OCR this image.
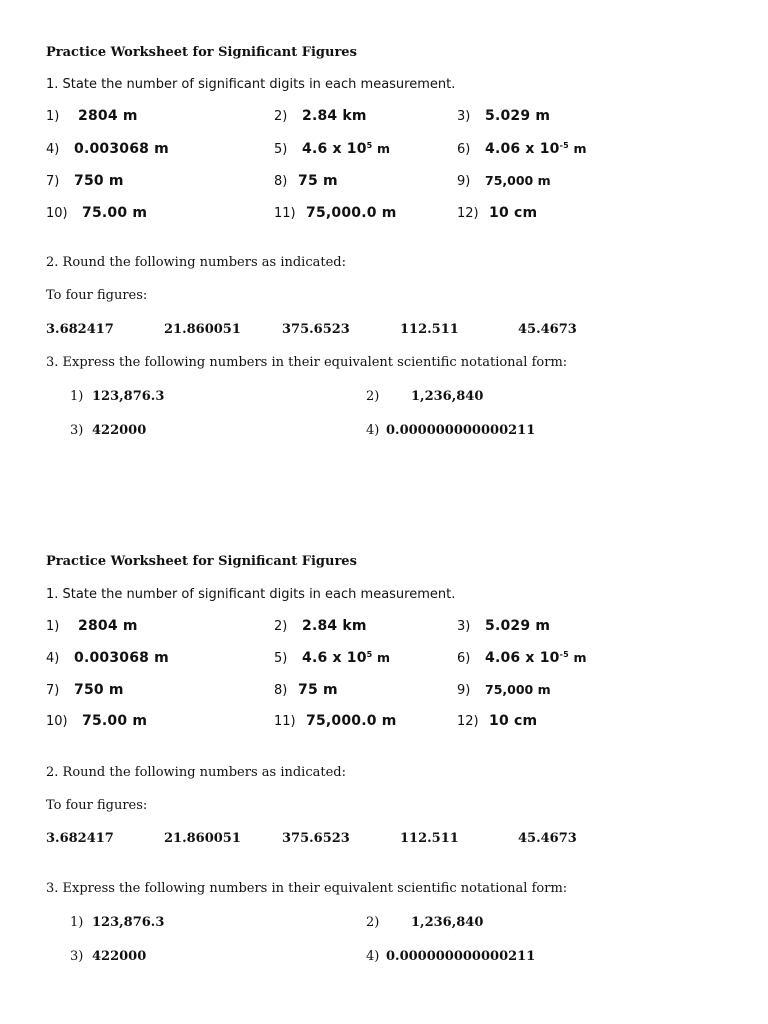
Practice Worksheet for Significant Figures
1. State the number of significant digits in each measurement.
1) 2804 m	2) 2.84 km	3) 5.029 m
4) 0.003068 m	5) 4.6 x $10^5$ m	6) 4.06 x $10^{-5}$ m
7) 750 m	8) 75 m	9) 75,000 m
10) 75.00 m	11) 75,000.0 m	12) 10 cm
2. Round the following numbers as indicated:
To four figures:
3.682417	21.860051	375.6523	112.511	45.4673
3. Express the following numbers in their equivalent scientific notational form:
1) 123,876.3	2) 1,236,840
3) 422000	4) 0.000000000000211
Practice Worksheet for Significant Figures
1. State the number of significant digits in each measurement.
1) 2804 m	2) 2.84 km	3) 5.029 m
4) 0.003068 m	5) 4.6 x $10^5$ m	6) 4.06 x $10^{-5}$ m
7) 750 m	8) 75 m	9) 75,000 m
10) 75.00 m	11) 75,000.0 m	12) 10 cm
2. Round the following numbers as indicated:
To four figures:
3.682417	21.860051	375.6523	112.511	45.4673
3. Express the following numbers in their equivalent scientific notational form:
1) 123,876.3	2) 1,236,840
3) 422000	4) 0.000000000000211
